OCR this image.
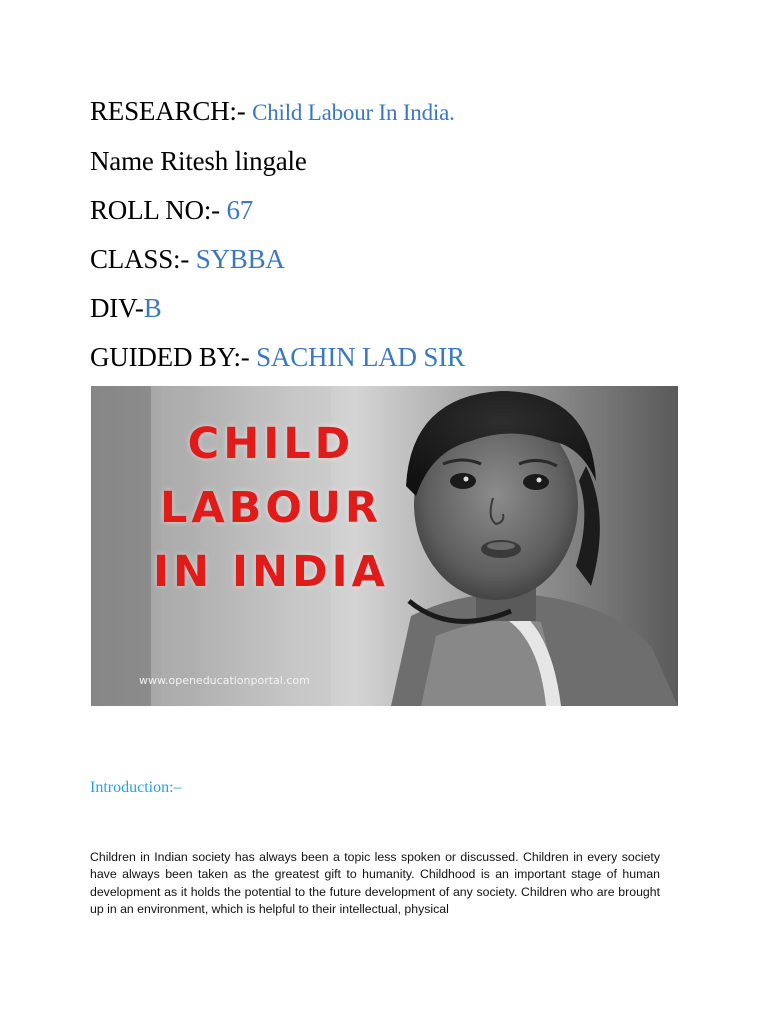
RESEARCH:- Child Labour In India.
Name Ritesh lingale
ROLL NO:- 67
CLASS:- SYBBA
DIV-B
GUIDED BY:- SACHIN LAD SIR
CHILD
LABOUR
IN INDIA
www.openeducationportal.com
Introduction:–
Children in Indian society has always been a topic less spoken or discussed. Children in every society have always been taken as the greatest gift to humanity. Childhood is an important stage of human development as it holds the potential to the future development of any society. Children who are brought up in an environment, which is helpful to their intellectual, physical
